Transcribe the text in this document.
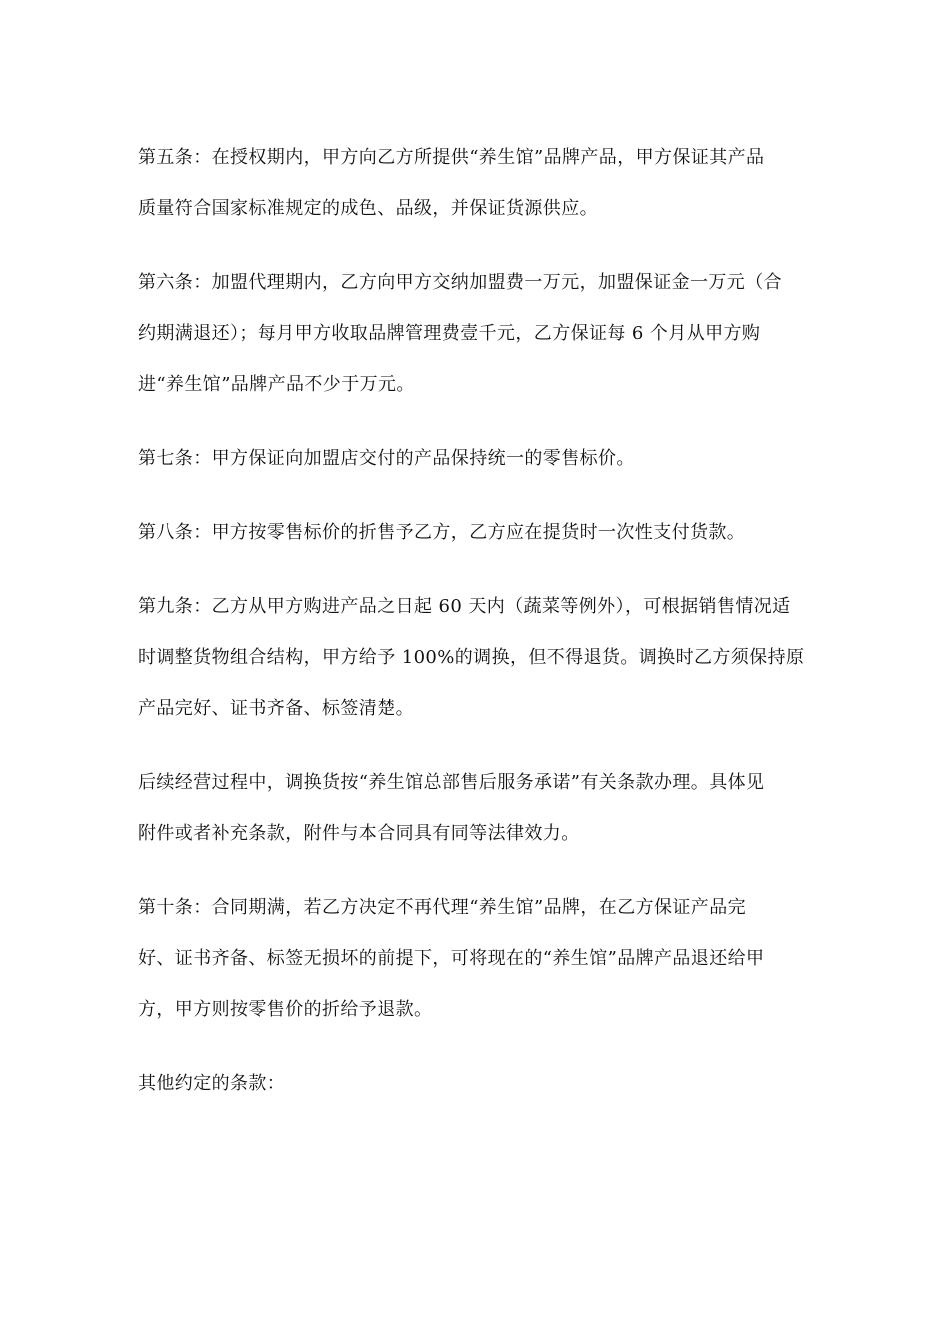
第五条：在授权期内，甲方向乙方所提供“养生馆”品牌产品，甲方保证其产品
质量符合国家标准规定的成色、品级，并保证货源供应。
第六条：加盟代理期内，乙方向甲方交纳加盟费一万元，加盟保证金一万元（合
约期满退还）；每月甲方收取品牌管理费壹千元，乙方保证每 6 个月从甲方购
进“养生馆”品牌产品不少于万元。
第七条：甲方保证向加盟店交付的产品保持统一的零售标价。
第八条：甲方按零售标价的折售予乙方，乙方应在提货时一次性支付货款。
第九条：乙方从甲方购进产品之日起 60 天内（蔬菜等例外），可根据销售情况适
时调整货物组合结构，甲方给予 100%的调换，但不得退货。调换时乙方须保持原
产品完好、证书齐备、标签清楚。
后续经营过程中，调换货按“养生馆总部售后服务承诺”有关条款办理。具体见
附件或者补充条款，附件与本合同具有同等法律效力。
第十条：合同期满，若乙方决定不再代理“养生馆”品牌，在乙方保证产品完
好、证书齐备、标签无损坏的前提下，可将现在的“养生馆”品牌产品退还给甲
方，甲方则按零售价的折给予退款。
其他约定的条款：
